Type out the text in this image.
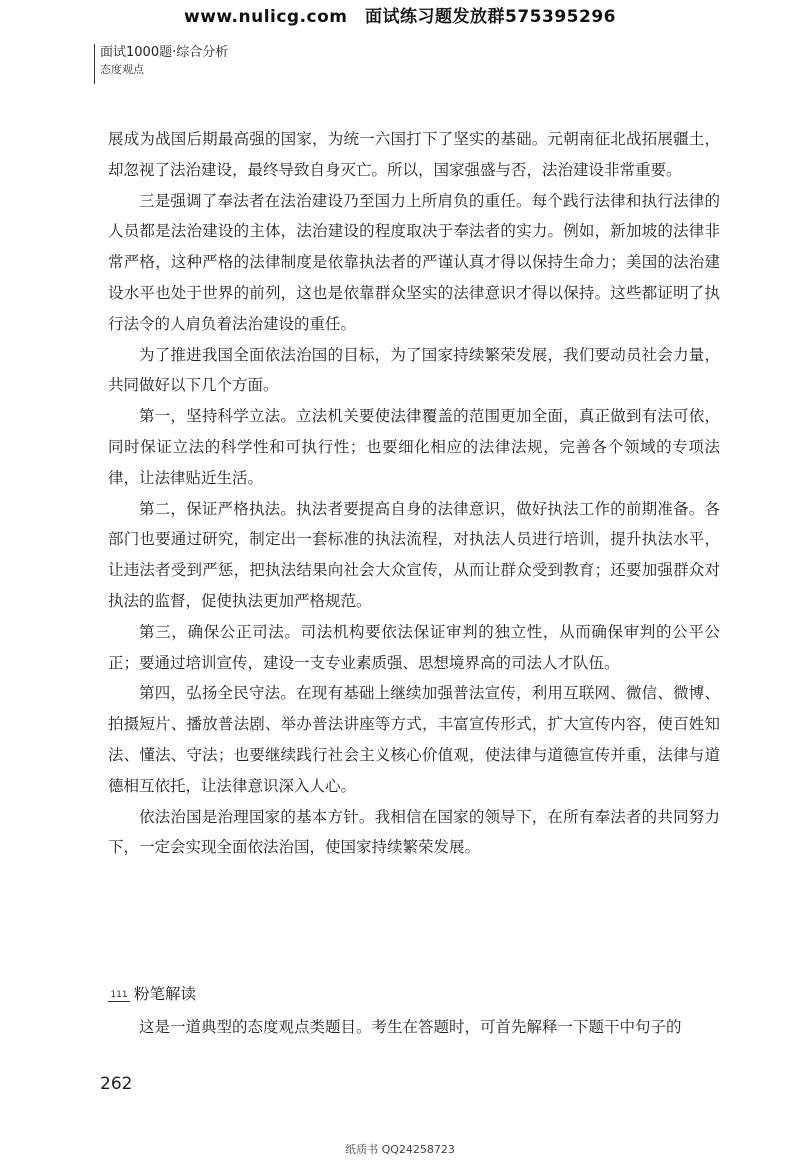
www.nulicg.com　面试练习题发放群575395296
面试1000题·综合分析
态度观点

展成为战国后期最高强的国家，为统一六国打下了坚实的基础。元朝南征北战拓展疆土，却忽视了法治建设，最终导致自身灭亡。所以，国家强盛与否，法治建设非常重要。

三是强调了奉法者在法治建设乃至国力上所肩负的重任。每个践行法律和执行法律的人员都是法治建设的主体，法治建设的程度取决于奉法者的实力。例如，新加坡的法律非常严格，这种严格的法律制度是依靠执法者的严谨认真才得以保持生命力；美国的法治建设水平也处于世界的前列，这也是依靠群众坚实的法律意识才得以保持。这些都证明了执行法令的人肩负着法治建设的重任。

为了推进我国全面依法治国的目标，为了国家持续繁荣发展，我们要动员社会力量，共同做好以下几个方面。

第一，坚持科学立法。立法机关要使法律覆盖的范围更加全面，真正做到有法可依，同时保证立法的科学性和可执行性；也要细化相应的法律法规，完善各个领域的专项法律，让法律贴近生活。

第二，保证严格执法。执法者要提高自身的法律意识，做好执法工作的前期准备。各部门也要通过研究，制定出一套标准的执法流程，对执法人员进行培训，提升执法水平，让违法者受到严惩，把执法结果向社会大众宣传，从而让群众受到教育；还要加强群众对执法的监督，促使执法更加严格规范。

第三，确保公正司法。司法机构要依法保证审判的独立性，从而确保审判的公平公正；要通过培训宣传，建设一支专业素质强、思想境界高的司法人才队伍。

第四，弘扬全民守法。在现有基础上继续加强普法宣传，利用互联网、微信、微博、拍摄短片、播放普法剧、举办普法讲座等方式，丰富宣传形式，扩大宣传内容，使百姓知法、懂法、守法；也要继续践行社会主义核心价值观，使法律与道德宣传并重，法律与道德相互依托，让法律意识深入人心。

依法治国是治理国家的基本方针。我相信在国家的领导下，在所有奉法者的共同努力下，一定会实现全面依法治国，使国家持续繁荣发展。

111 粉笔解读

这是一道典型的态度观点类题目。考生在答题时，可首先解释一下题干中句子的

262
纸质书 QQ24258723
